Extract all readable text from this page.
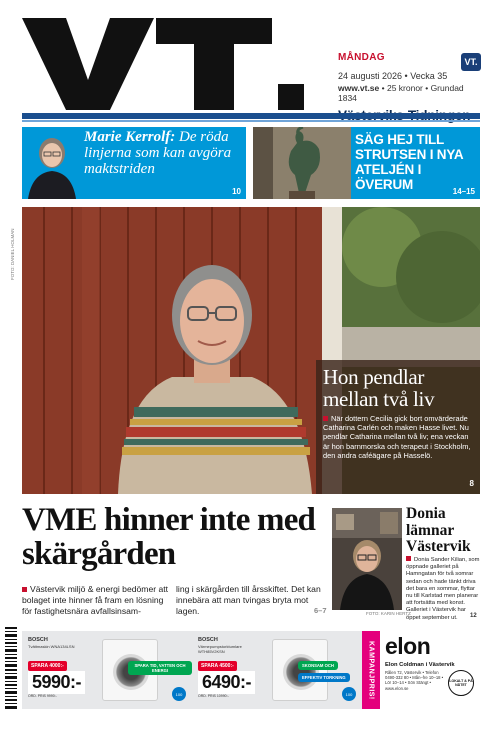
MÅNDAG
24 augusti 2026 • Vecka 35
www.vt.se • 25 kronor • Grundad 1834
VT.
Marie Kerrolf: De röda linjerna som kan avgöra maktstriden
10
SÄG HEJ TILL STRUTSEN I NYA ATELJÉN I ÖVERUM	14–15
FOTO: DANIEL HOLMAN
Hon pendlar mellan två liv
När dottern Cecilia gick bort omvärderade Catharina Carlén och maken Hasse livet. Nu pendlar Catharina mellan två liv; ena veckan är hon barnmorska och terapeut i Stockholm, den andra caféägare på Hasselö.
8
VME hinner inte med skärgården
Västervik miljö & energi bedömer att bolaget inte hinner få fram en lösning för fastighetsnära avfallsinsam-
ling i skärgården till årsskiftet. Det kan innebära att man tvingas bryta mot lagen.	6–7	FOTO: KARIN HERTZ
Donia lämnar Västervik
Donia Sander Kilian, som öppnade galleriet på Hamngatan för två somrar sedan och hade tänkt driva det bara en sommar, flyttar nu till Karlstad men planerar att fortsätta med konst. Galleriet i Västervik har öppet september ut.	12
BOSCH
Tvättmaskin WNA134LSN
SPARA 4000:-
5990:-
ORD. PRIS 9990:-
SPARA TID, VATTEN OCH ENERGI
100
BOSCH
Värmepumpstorktumlare WTH85V2KSN
SPARA 4500:-
6490:-
ORD. PRIS 10990:-
SKONSAM OCH
EFFEKTIV TORKNING
100	KAMPANJPRIS! elon
Elon Coldman i Västervik
Rålen 72, Västervik • Telefon 0490-332 80 • Mån–fre 10–18 • Lör 10–14 • Sön Stängt • www.elon.se
LOKALT & PÅ NÄTET
